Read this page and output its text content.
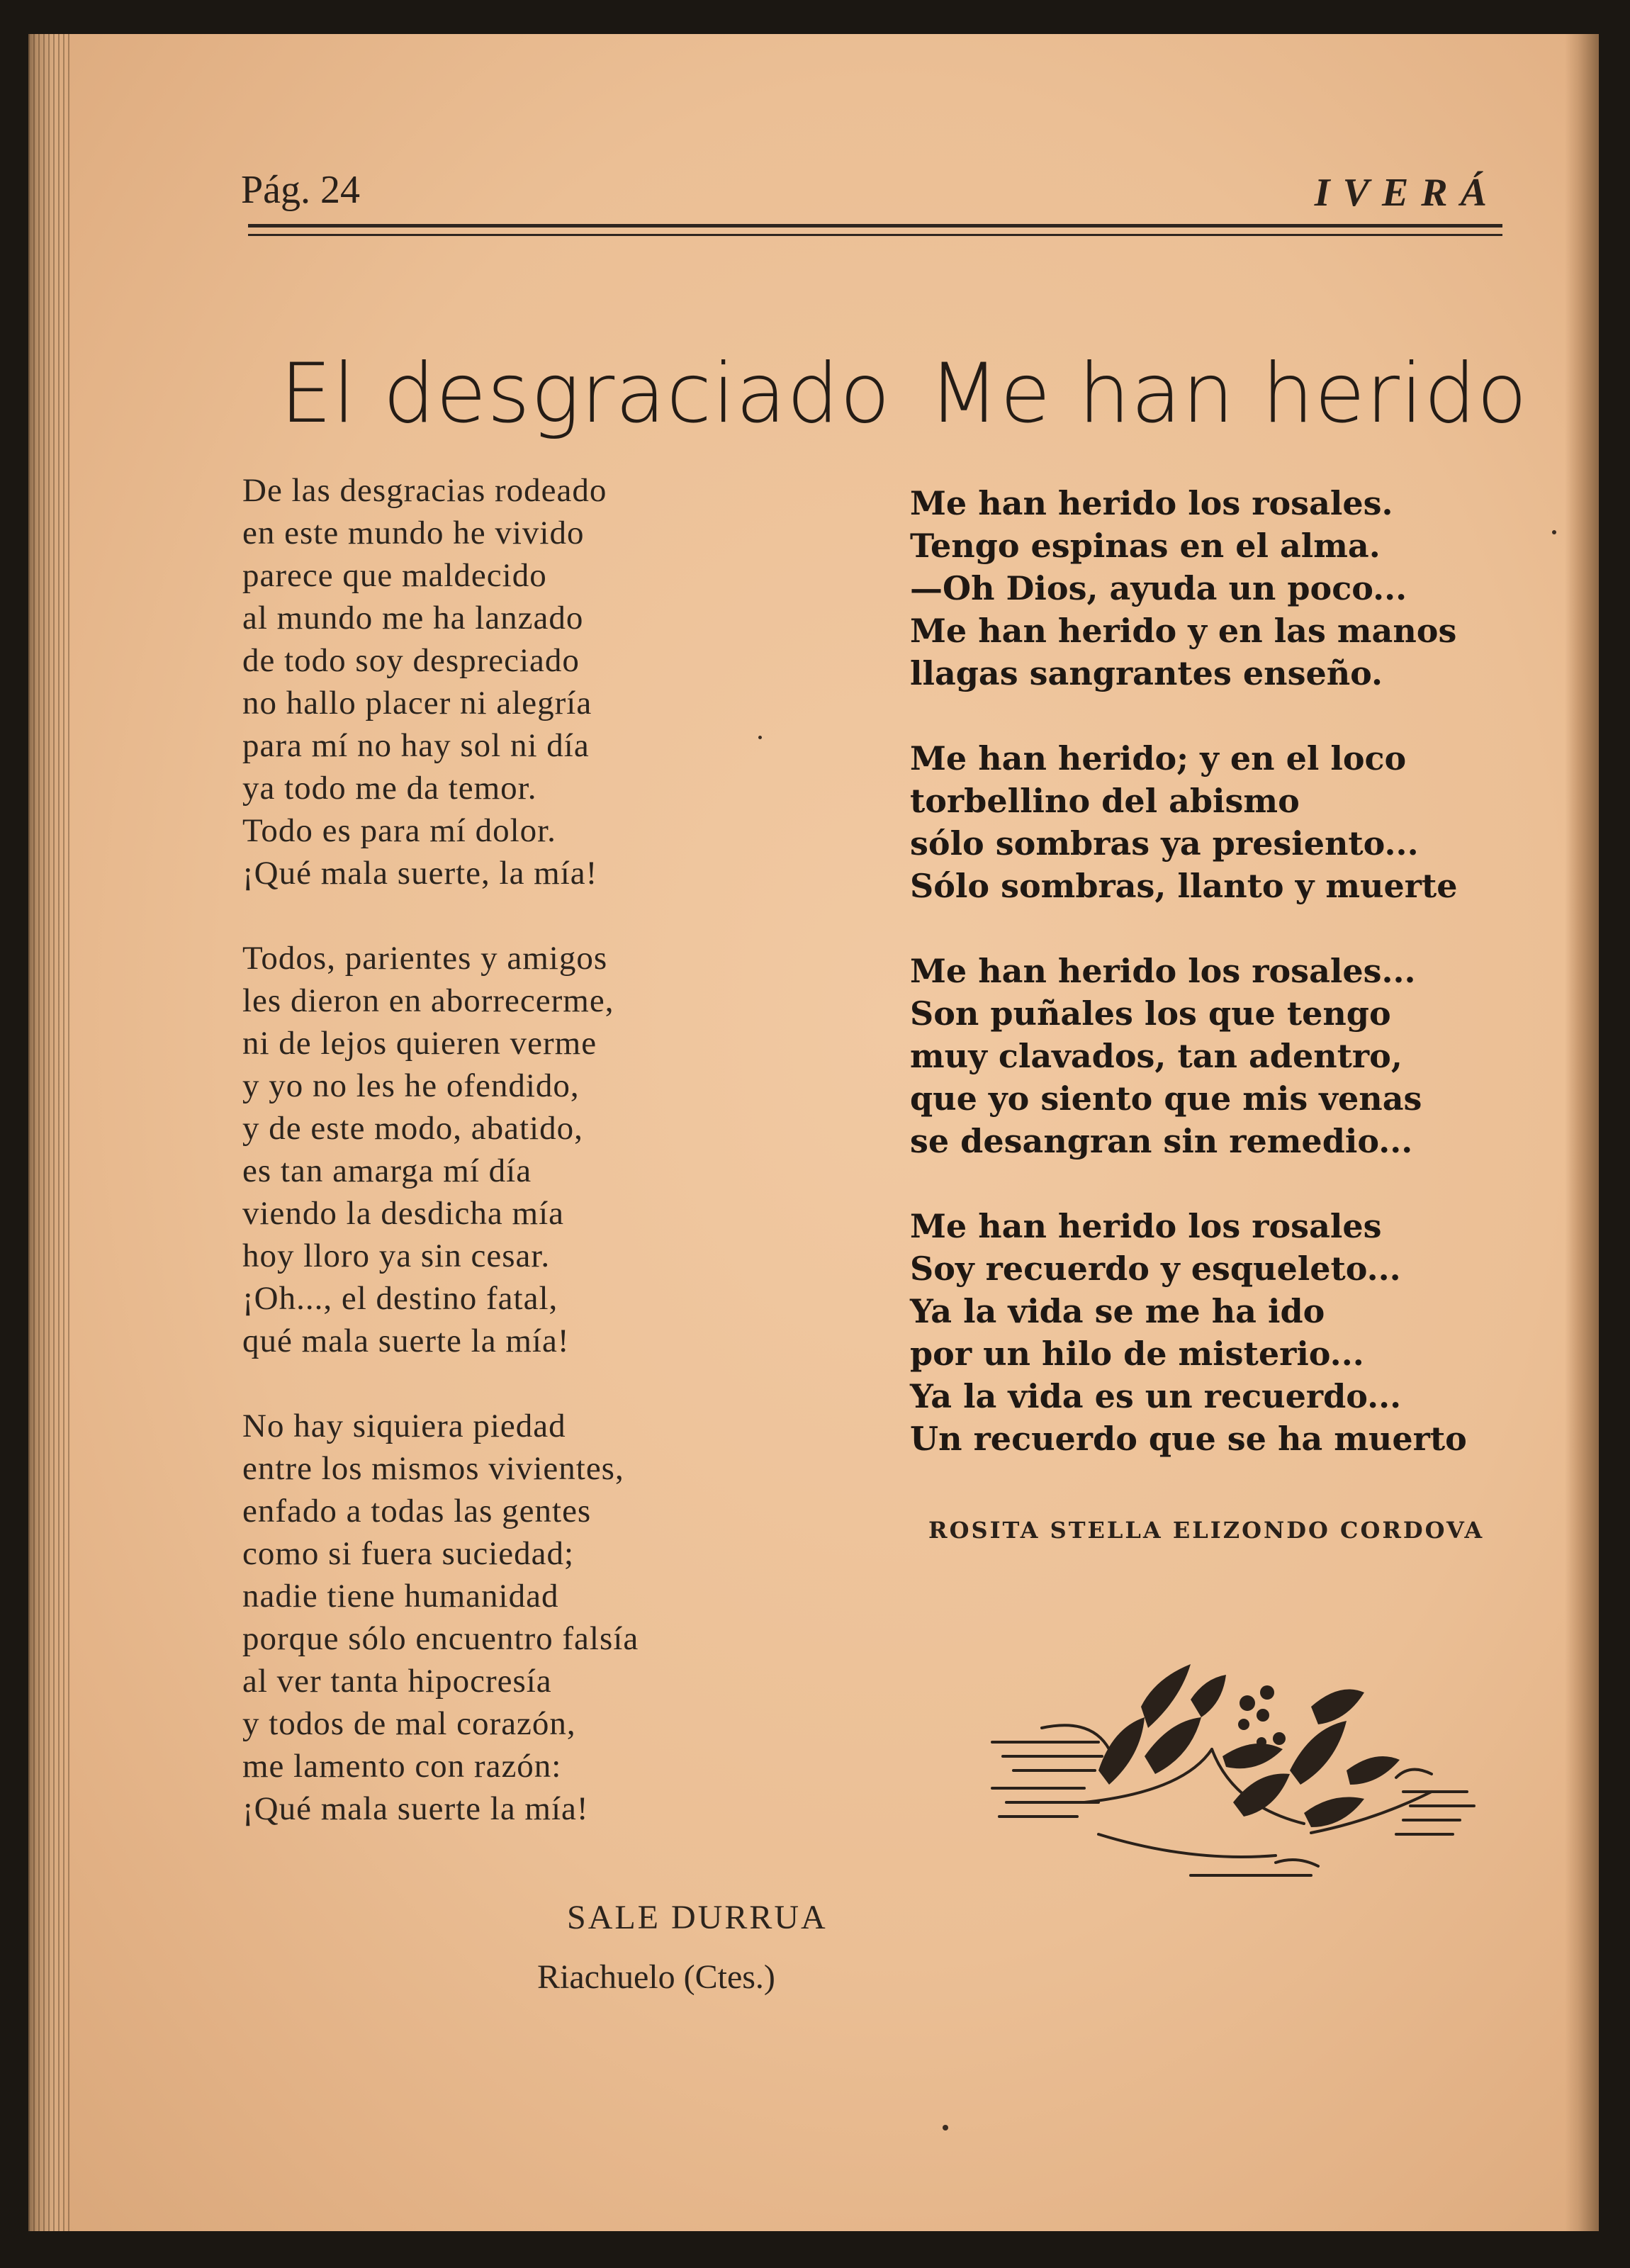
Pág. 24	IVERÁ
El desgraciado Me han herido
De las desgracias rodeado
en este mundo he vivido
parece que maldecido
al mundo me ha lanzado
de todo soy despreciado
no hallo placer ni alegría
para mí no hay sol ni día
ya todo me da temor.
Todo es para mí dolor.
¡Qué mala suerte, la mía!
Todos, parientes y amigos
les dieron en aborrecerme,
ni de lejos quieren verme
y yo no les he ofendido,
y de este modo, abatido,
es tan amarga mí día
viendo la desdicha mía
hoy lloro ya sin cesar.
¡Oh..., el destino fatal,
qué mala suerte la mía!
No hay siquiera piedad
entre los mismos vivientes,
enfado a todas las gentes
como si fuera suciedad;
nadie tiene humanidad
porque sólo encuentro falsía
al ver tanta hipocresía
y todos de mal corazón,
me lamento con razón:
¡Qué mala suerte la mía!
Me han herido los rosales.
Tengo espinas en el alma.
—Oh Dios, ayuda un poco...
Me han herido y en las manos
llagas sangrantes enseño.
Me han herido; y en el loco
torbellino del abismo
sólo sombras ya presiento...
Sólo sombras, llanto y muerte
Me han herido los rosales...
Son puñales los que tengo
muy clavados, tan adentro,
que yo siento que mis venas
se desangran sin remedio...
Me han herido los rosales
Soy recuerdo y esqueleto...
Ya la vida se me ha ido
por un hilo de misterio...
Ya la vida es un recuerdo...
Un recuerdo que se ha muerto
SALE DURRUA
Riachuelo (Ctes.)
ROSITA STELLA ELIZONDO CORDOVA
